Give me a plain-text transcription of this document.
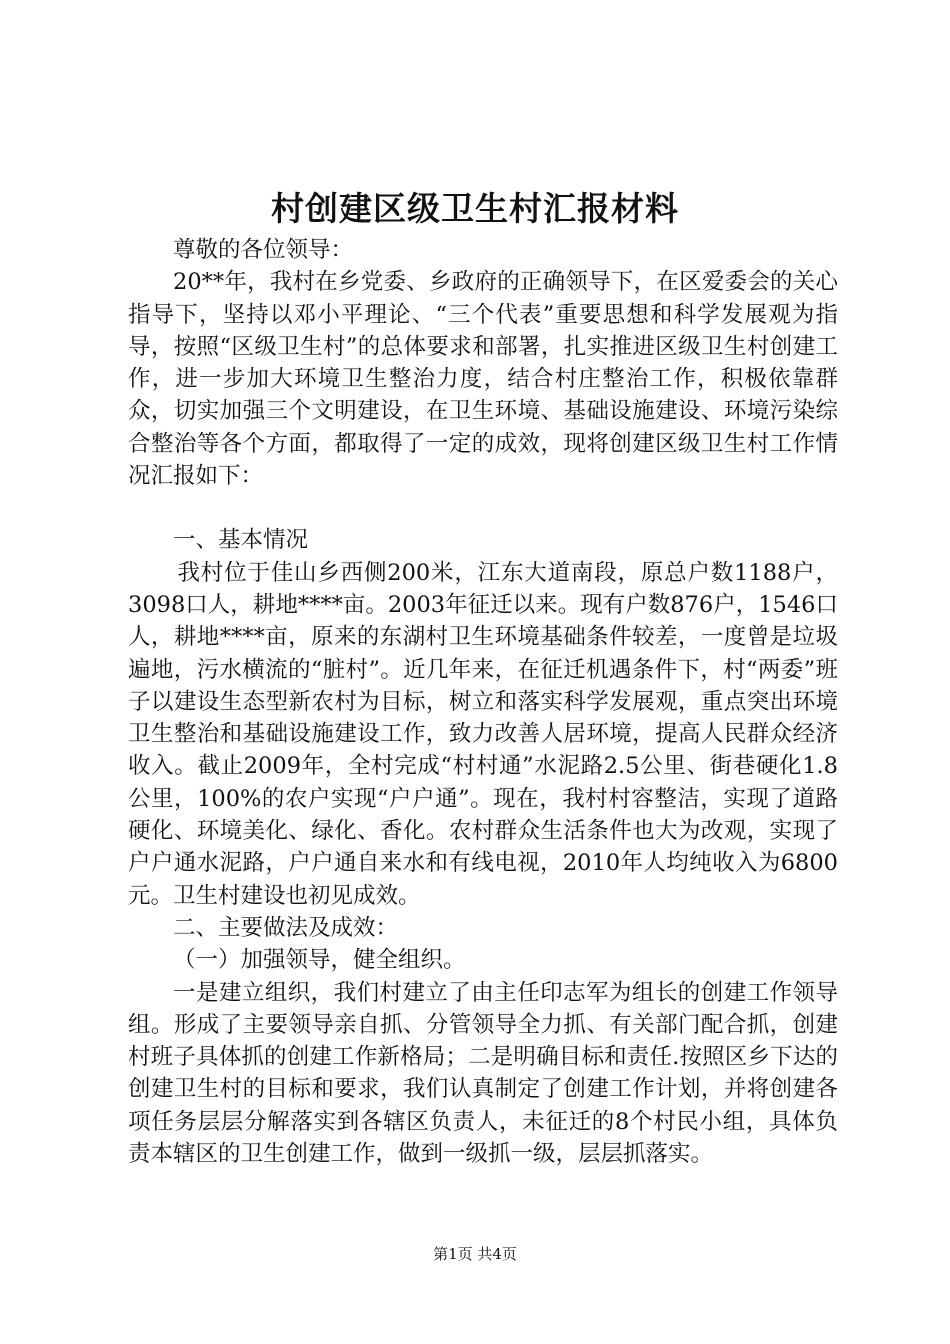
村创建区级卫生村汇报材料

尊敬的各位领导：

20**年，我村在乡党委、乡政府的正确领导下，在区爱委会的关心指导下，坚持以邓小平理论、“三个代表”重要思想和科学发展观为指导，按照“区级卫生村”的总体要求和部署，扎实推进区级卫生村创建工作，进一步加大环境卫生整治力度，结合村庄整治工作，积极依靠群众，切实加强三个文明建设，在卫生环境、基础设施建设、环境污染综合整治等各个方面，都取得了一定的成效，现将创建区级卫生村工作情况汇报如下：

一、基本情况

我村位于佳山乡西侧200米，江东大道南段，原总户数1188户，3098口人，耕地****亩。2003年征迁以来。现有户数876户，1546口人，耕地****亩，原来的东湖村卫生环境基础条件较差，一度曾是垃圾遍地，污水横流的“脏村”。近几年来，在征迁机遇条件下，村“两委”班子以建设生态型新农村为目标，树立和落实科学发展观，重点突出环境卫生整治和基础设施建设工作，致力改善人居环境，提高人民群众经济收入。截止2009年，全村完成“村村通”水泥路2.5公里、街巷硬化1.8公里，100%的农户实现“户户通”。现在，我村村容整洁，实现了道路硬化、环境美化、绿化、香化。农村群众生活条件也大为改观，实现了户户通水泥路，户户通自来水和有线电视，2010年人均纯收入为6800元。卫生村建设也初见成效。

二、主要做法及成效：

（一）加强领导，健全组织。

一是建立组织，我们村建立了由主任印志军为组长的创建工作领导组。形成了主要领导亲自抓、分管领导全力抓、有关部门配合抓，创建村班子具体抓的创建工作新格局；二是明确目标和责任.按照区乡下达的创建卫生村的目标和要求，我们认真制定了创建工作计划，并将创建各项任务层层分解落实到各辖区负责人，未征迁的8个村民小组，具体负责本辖区的卫生创建工作，做到一级抓一级，层层抓落实。

第1页 共4页
